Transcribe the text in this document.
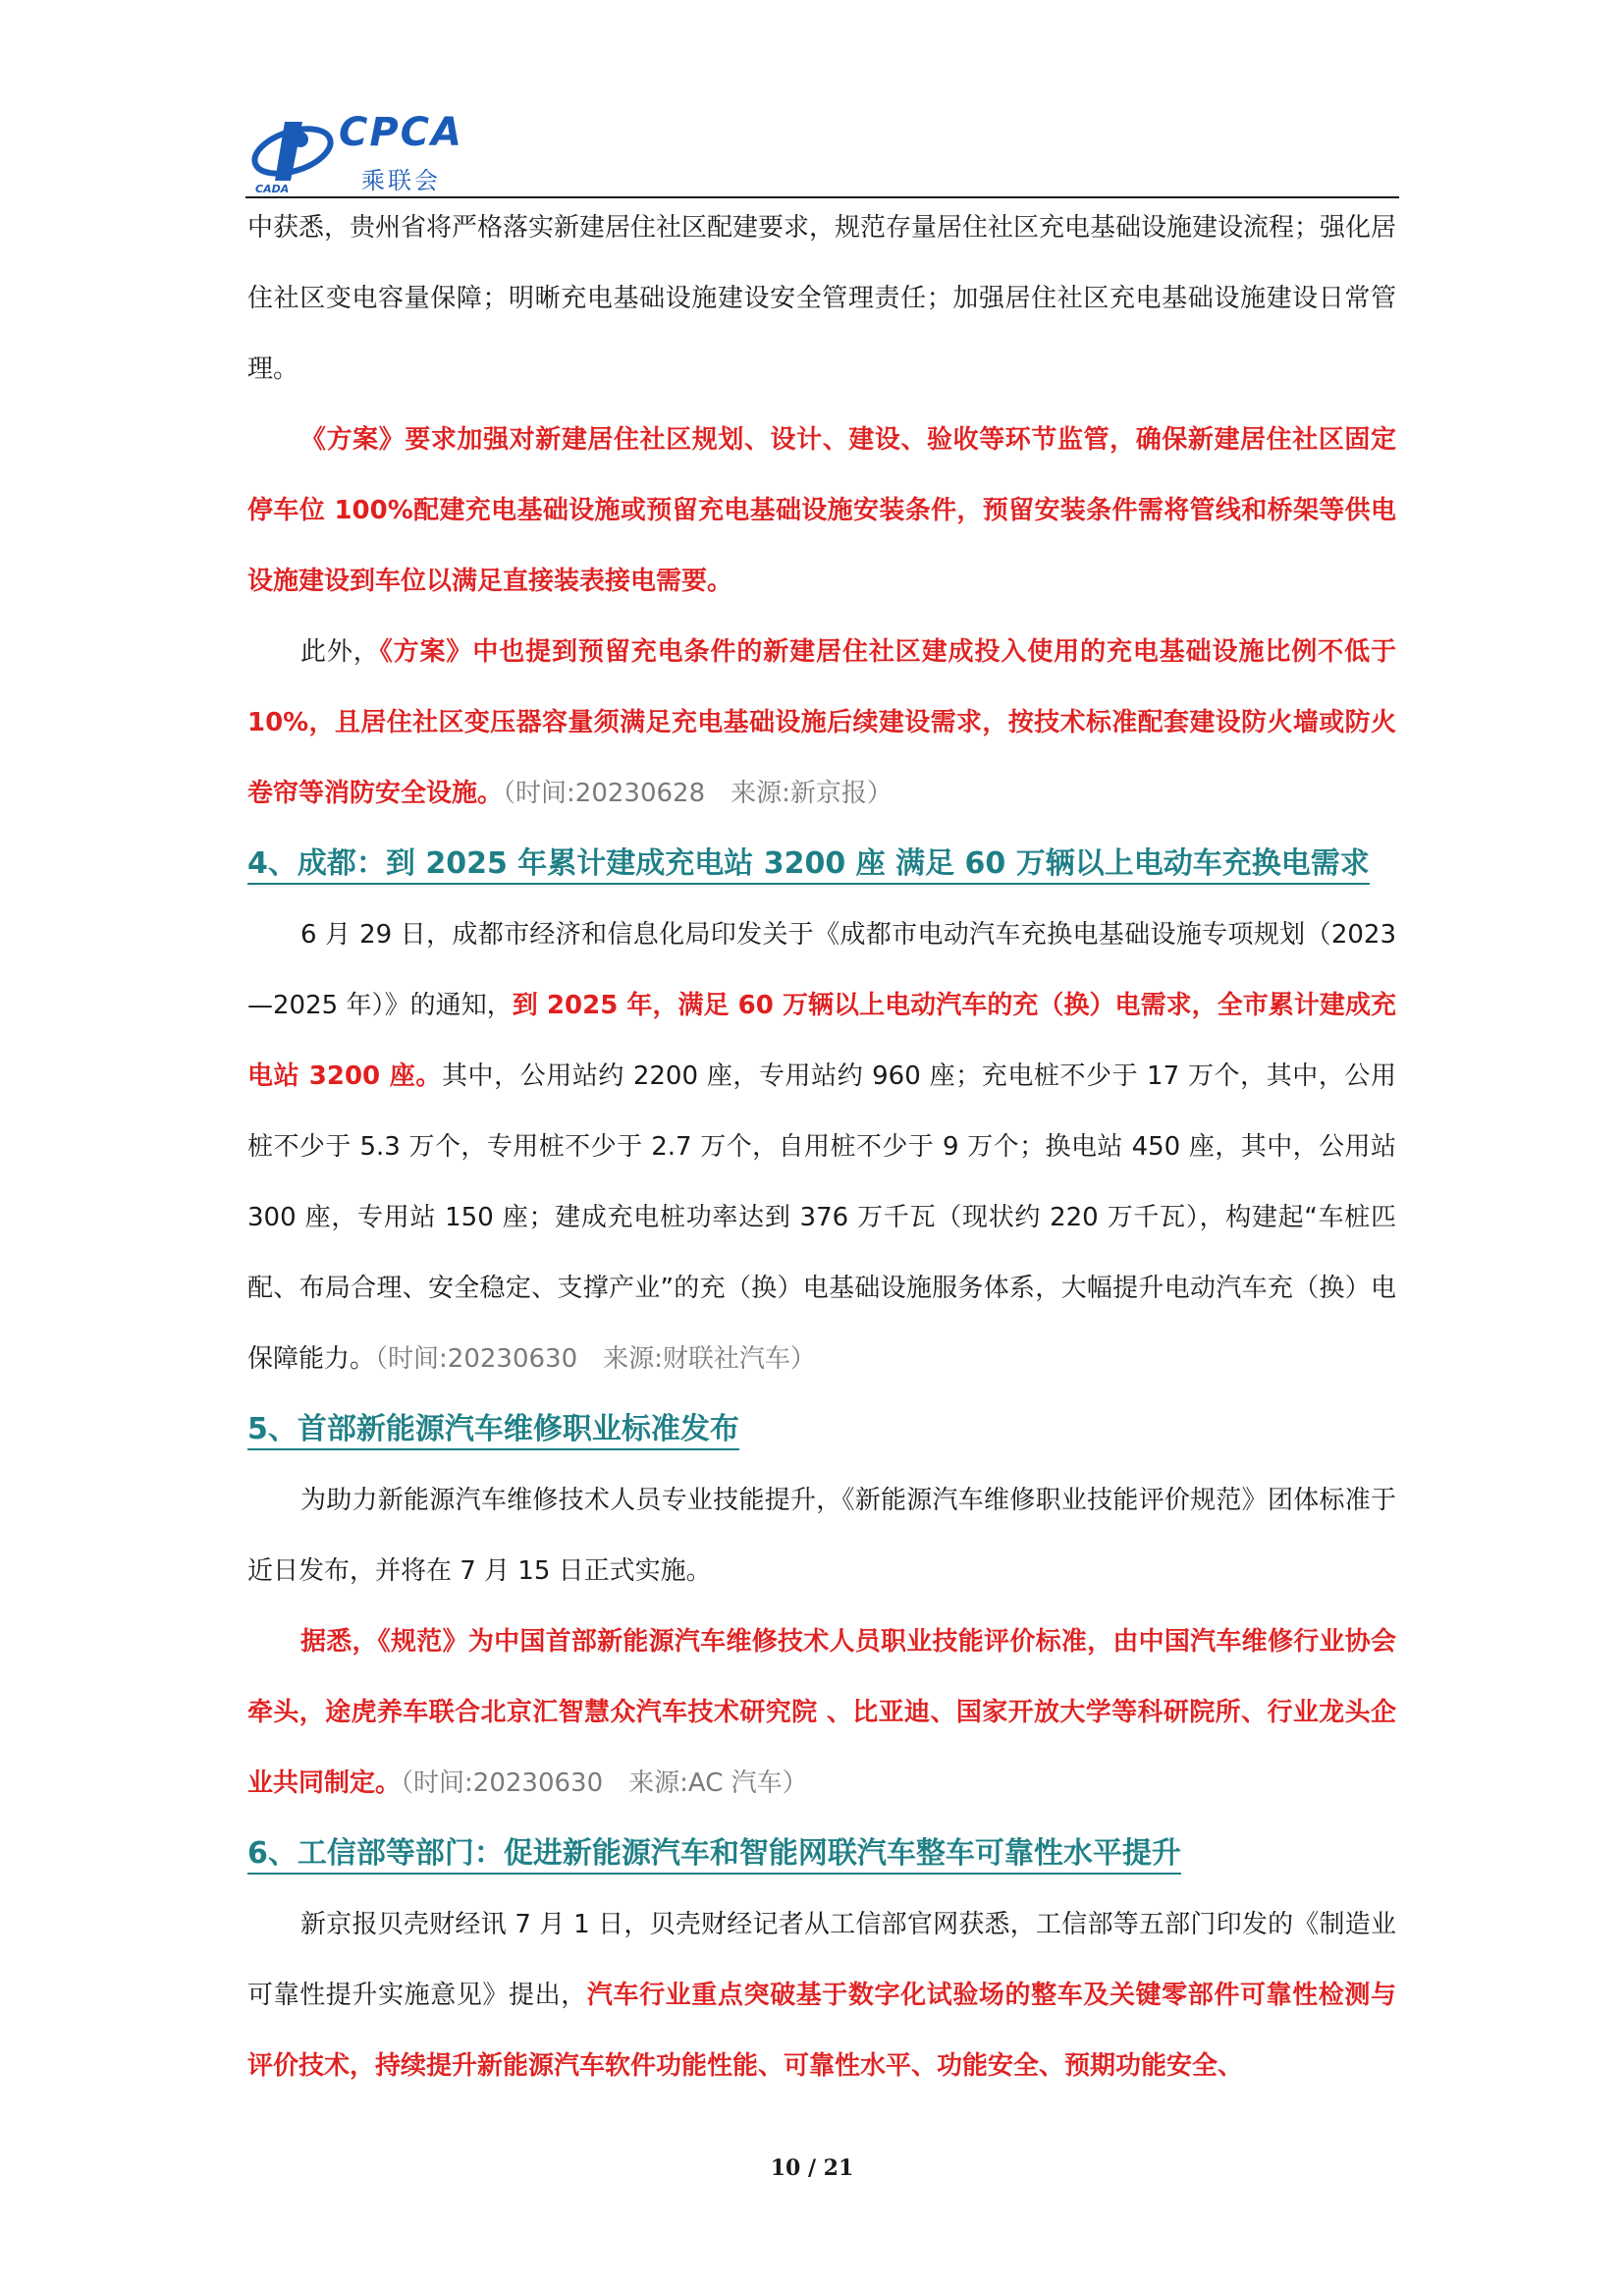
CPCA
乘联会
CADA

中获悉，贵州省将严格落实新建居住社区配建要求，规范存量居住社区充电基础设施建设流程；强化居住社区变电容量保障；明晰充电基础设施建设安全管理责任；加强居住社区充电基础设施建设日常管理。

《方案》要求加强对新建居住社区规划、设计、建设、验收等环节监管，确保新建居住社区固定停车位 100%配建充电基础设施或预留充电基础设施安装条件，预留安装条件需将管线和桥架等供电设施建设到车位以满足直接装表接电需要。

此外，《方案》中也提到预留充电条件的新建居住社区建成投入使用的充电基础设施比例不低于 10%，且居住社区变压器容量须满足充电基础设施后续建设需求，按技术标准配套建设防火墙或防火卷帘等消防安全设施。（时间:20230628　来源:新京报）

4、成都：到 2025 年累计建成充电站 3200 座 满足 60 万辆以上电动车充换电需求

6 月 29 日，成都市经济和信息化局印发关于《成都市电动汽车充换电基础设施专项规划（2023—2025 年）》的通知，到 2025 年，满足 60 万辆以上电动汽车的充（换）电需求，全市累计建成充电站 3200 座。其中，公用站约 2200 座，专用站约 960 座；充电桩不少于 17 万个，其中，公用桩不少于 5.3 万个，专用桩不少于 2.7 万个，自用桩不少于 9 万个；换电站 450 座，其中，公用站 300 座，专用站 150 座；建成充电桩功率达到 376 万千瓦（现状约 220 万千瓦），构建起“车桩匹配、布局合理、安全稳定、支撑产业”的充（换）电基础设施服务体系，大幅提升电动汽车充（换）电保障能力。（时间:20230630　来源:财联社汽车）

5、首部新能源汽车维修职业标准发布

为助力新能源汽车维修技术人员专业技能提升，《新能源汽车维修职业技能评价规范》团体标准于近日发布，并将在 7 月 15 日正式实施。

据悉，《规范》为中国首部新能源汽车维修技术人员职业技能评价标准，由中国汽车维修行业协会牵头，途虎养车联合北京汇智慧众汽车技术研究院 、比亚迪、国家开放大学等科研院所、行业龙头企业共同制定。（时间:20230630　来源:AC 汽车）

6、工信部等部门：促进新能源汽车和智能网联汽车整车可靠性水平提升

新京报贝壳财经讯 7 月 1 日，贝壳财经记者从工信部官网获悉，工信部等五部门印发的《制造业可靠性提升实施意见》提出，汽车行业重点突破基于数字化试验场的整车及关键零部件可靠性检测与评价技术，持续提升新能源汽车软件功能性能、可靠性水平、功能安全、预期功能安全、

10 / 21
